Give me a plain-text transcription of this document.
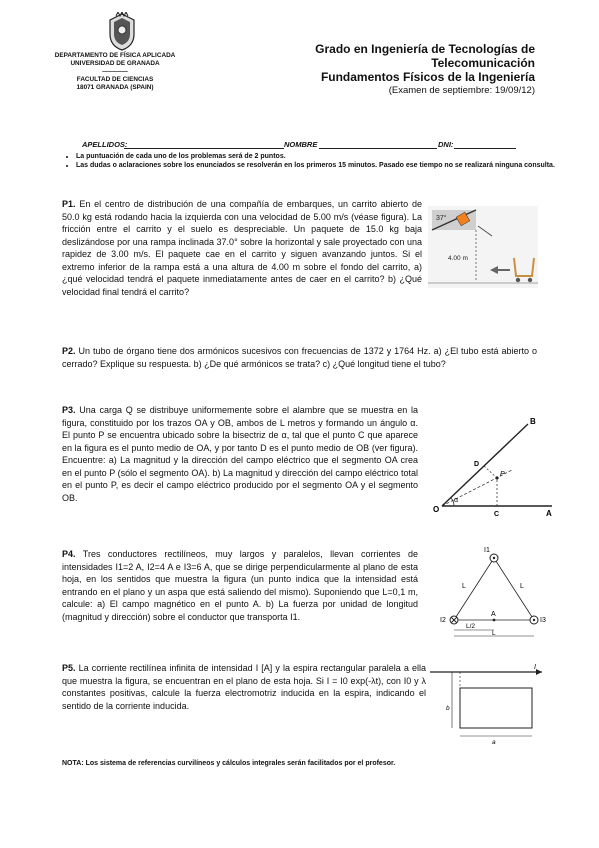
DEPARTAMENTO DE FÍSICA APLICADA
UNIVERSIDAD DE GRANADA
————
FACULTAD DE CIENCIAS
18071 GRANADA (SPAIN)
Grado en Ingeniería de Tecnologías de
Telecomunicación
Fundamentos Físicos de la Ingeniería
(Examen de septiembre: 19/09/12)
APELLIDOS:	NOMBRE	DNI:
• La puntuación de cada uno de los problemas será de 2 puntos.
• Las dudas o aclaraciones sobre los enunciados se resolverán en los primeros 15 minutos. Pasado ese tiempo no se realizará ninguna consulta.
P1. En el centro de distribución de una compañía de embarques, un carrito abierto de 50.0 kg está rodando hacia la izquierda con una velocidad de 5.00 m/s (véase figura). La fricción entre el carrito y el suelo es despreciable. Un paquete de 15.0 kg baja deslizándose por una rampa inclinada 37.0° sobre la horizontal y sale proyectado con una rapidez de 3.00 m/s. El paquete cae en el carrito y siguen avanzando juntos. Si el extremo inferior de la rampa está a una altura de 4.00 m sobre el fondo del carrito, a) ¿qué velocidad tendrá el paquete inmediatamente antes de caer en el carrito? b) ¿Qué velocidad final tendrá el carrito?
37°
4.00 m
P2. Un tubo de órgano tiene dos armónicos sucesivos con frecuencias de 1372 y 1764 Hz. a) ¿El tubo está abierto o cerrado? Explique su respuesta. b) ¿De qué armónicos se trata? c) ¿Qué longitud tiene el tubo?
P3. Una carga Q se distribuye uniformemente sobre el alambre que se muestra en la figura, constituido por los trazos OA y OB, ambos de L metros y formando un ángulo α. El punto P se encuentra ubicado sobre la bisectriz de α, tal que el punto C que aparece en la figura es el punto medio de OA, y por tanto D es el punto medio de OB (ver figura). Encuentre: a) La magnitud y la dirección del campo eléctrico que el segmento OA crea en el punto P (sólo el segmento OA). b) La magnitud y dirección del campo eléctrico total en el punto P, es decir el campo eléctrico producido por el segmento OA y el segmento OB.
O	A
B
C
D
P
α
P4. Tres conductores rectilíneos, muy largos y paralelos, llevan corrientes de intensidades I1=2 A, I2=4 A e I3=6 A, que se dirige perpendicularmente al plano de esta hoja, en los sentidos que muestra la figura (un punto indica que la intensidad está entrando en el plano y un aspa que está saliendo del mismo). Suponiendo que L=0,1 m, calcule: a) El campo magnético en el punto A. b) La fuerza por unidad de longitud (magnitud y dirección) sobre el conductor que transporta I1.
I1
I2	I3
L	L
A
L/2
L
P5. La corriente rectilínea infinita de intensidad I [A] y la espira rectangular paralela a ella que muestra la figura, se encuentran en el plano de esta hoja. Si I = I0 exp(-λt), con I0 y λ constantes positivas, calcule la fuerza electromotriz inducida en la espira, indicando el sentido de la corriente inducida.
I
b
a
NOTA: Los sistema de referencias curvilíneos y cálculos integrales serán facilitados por el profesor.
